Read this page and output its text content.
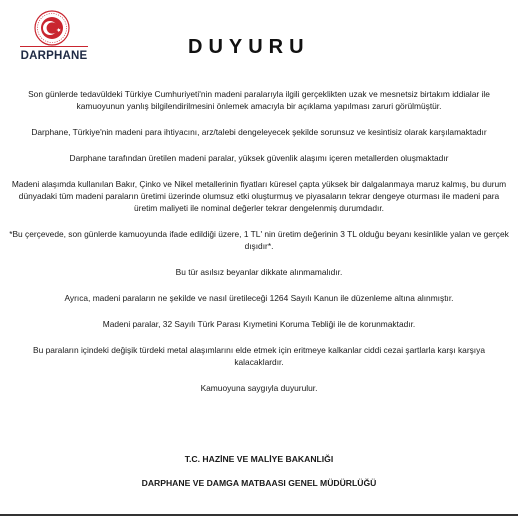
DARPHANE	DUYURU

Son günlerde tedavüldeki Türkiye Cumhuriyeti'nin madeni paralarıyla ilgili gerçeklikten uzak ve mesnetsiz birtakım iddialar ile kamuoyunun yanlış bilgilendirilmesini önlemek amacıyla bir açıklama yapılması zaruri görülmüştür.

Darphane, Türkiye'nin madeni para ihtiyacını, arz/talebi dengeleyecek şekilde sorunsuz ve kesintisiz olarak karşılamaktadır

Darphane tarafından üretilen madeni paralar, yüksek güvenlik alaşımı içeren metallerden oluşmaktadır

Madeni alaşımda kullanılan Bakır, Çinko ve Nikel metallerinin fiyatları küresel çapta yüksek bir dalgalanmaya maruz kalmış, bu durum dünyadaki tüm madeni paraların üretimi üzerinde olumsuz etki oluşturmuş ve piyasaların tekrar dengeye oturması ile madeni para üretim maliyeti ile nominal değerler tekrar dengelenmiş durumdadır.

*Bu çerçevede, son günlerde kamuoyunda ifade edildiği üzere, 1 TL' nin üretim değerinin 3 TL olduğu beyanı kesinlikle yalan ve gerçek dışıdır*.

Bu tür asılsız beyanlar dikkate alınmamalıdır.

Ayrıca, madeni paraların ne şekilde ve nasıl üretileceği 1264 Sayılı Kanun ile düzenleme altına alınmıştır.

Madeni paralar, 32 Sayılı Türk Parası Kıymetini Koruma Tebliği ile de korunmaktadır.

Bu paraların içindeki değişik türdeki metal alaşımlarını elde etmek için eritmeye kalkanlar ciddi cezai şartlarla karşı karşıya kalacaklardır.

Kamuoyuna saygıyla duyurulur.

T.C. HAZİNE VE MALİYE BAKANLIĞI
DARPHANE VE DAMGA MATBAASI GENEL MÜDÜRLÜĞÜ
